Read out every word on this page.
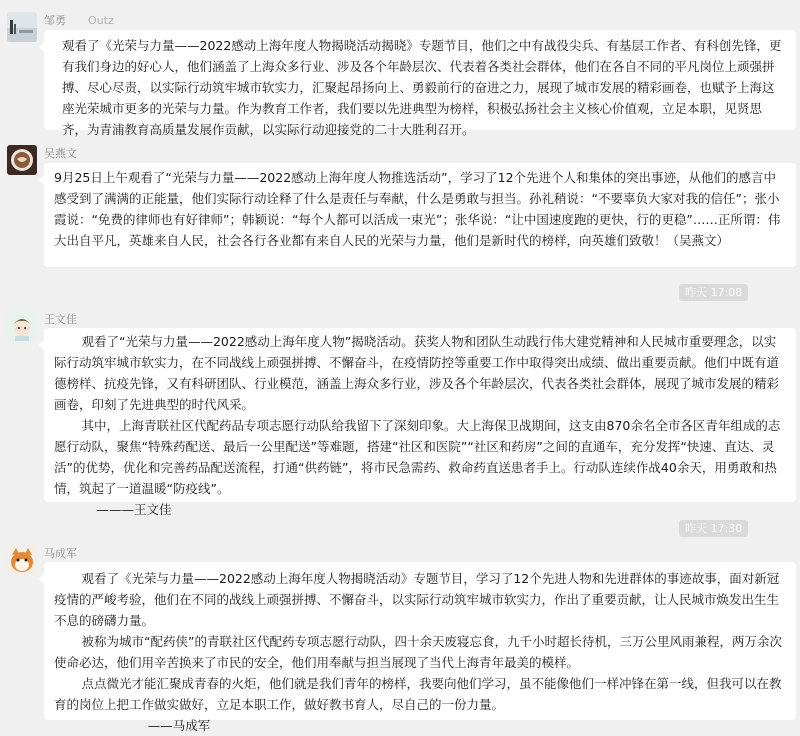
邹勇 Outz

观看了《光荣与力量——2022感动上海年度人物揭晓活动揭晓》专题节目，他们之中有战役尖兵、有基层工作者、有科创先锋，更有我们身边的好心人，他们涵盖了上海众多行业、涉及各个年龄层次、代表着各类社会群体，他们在各自不同的平凡岗位上顽强拼搏、尽心尽责，以实际行动筑牢城市软实力，汇聚起昂扬向上、勇毅前行的奋进之力，展现了城市发展的精彩画卷，也赋予上海这座光荣城市更多的光荣与力量。作为教育工作者，我们要以先进典型为榜样，积极弘扬社会主义核心价值观，立足本职，见贤思齐，为青浦教育高质量发展作贡献，以实际行动迎接党的二十大胜利召开。

吴燕文

9月25日上午观看了“光荣与力量——2022感动上海年度人物推选活动”，学习了12个先进个人和集体的突出事迹，从他们的感言中感受到了满满的正能量，他们实际行动诠释了什么是责任与奉献，什么是勇敢与担当。孙礼稍说：“不要辜负大家对我的信任”；张小霞说：“免费的律师也有好律师”；韩颖说：“每个人都可以活成一束光”；张华说：“让中国速度跑的更快，行的更稳”……正所谓：伟大出自平凡，英雄来自人民，社会各行各业都有来自人民的光荣与力量，他们是新时代的榜样，向英雄们致敬！（吴燕文）

昨天 17:08
王文佳

观看了“光荣与力量——2022感动上海年度人物”揭晓活动。获奖人物和团队生动践行伟大建党精神和人民城市重要理念，以实际行动筑牢城市软实力，在不同战线上顽强拼搏、不懈奋斗，在疫情防控等重要工作中取得突出成绩、做出重要贡献。他们中既有道德榜样、抗疫先锋，又有科研团队、行业模范，涵盖上海众多行业，涉及各个年龄层次，代表各类社会群体，展现了城市发展的精彩画卷，印刻了先进典型的时代风采。

其中，上海青联社区代配药品专项志愿行动队给我留下了深刻印象。大上海保卫战期间，这支由870余名全市各区青年组成的志愿行动队，聚焦“特殊药配送、最后一公里配送”等难题，搭建“社区和医院”“社区和药房”之间的直通车，充分发挥“快速、直达、灵活”的优势，优化和完善药品配送流程，打通“供药链”，将市民急需药、救命药直送患者手上。行动队连续作战40余天，用勇敢和热情，筑起了一道温暖“防疫线”。

———王文佳

昨天 17:30
马成军

观看了《光荣与力量——2022感动上海年度人物揭晓活动》专题节目，学习了12个先进人物和先进群体的事迹故事，面对新冠疫情的严峻考验，他们在不同的战线上顽强拼搏、不懈奋斗，以实际行动筑牢城市软实力，作出了重要贡献，让人民城市焕发出生生不息的磅礴力量。

被称为城市“配药侠”的青联社区代配药专项志愿行动队，四十余天废寝忘食，九千小时超长待机，三万公里风雨兼程，两万余次使命必达，他们用辛苦换来了市民的安全，他们用奉献与担当展现了当代上海青年最美的模样。

点点微光才能汇聚成青春的火炬，他们就是我们青年的榜样，我要向他们学习，虽不能像他们一样冲锋在第一线，但我可以在教育的岗位上把工作做实做好，立足本职工作，做好教书育人，尽自己的一份力量。

——马成军
